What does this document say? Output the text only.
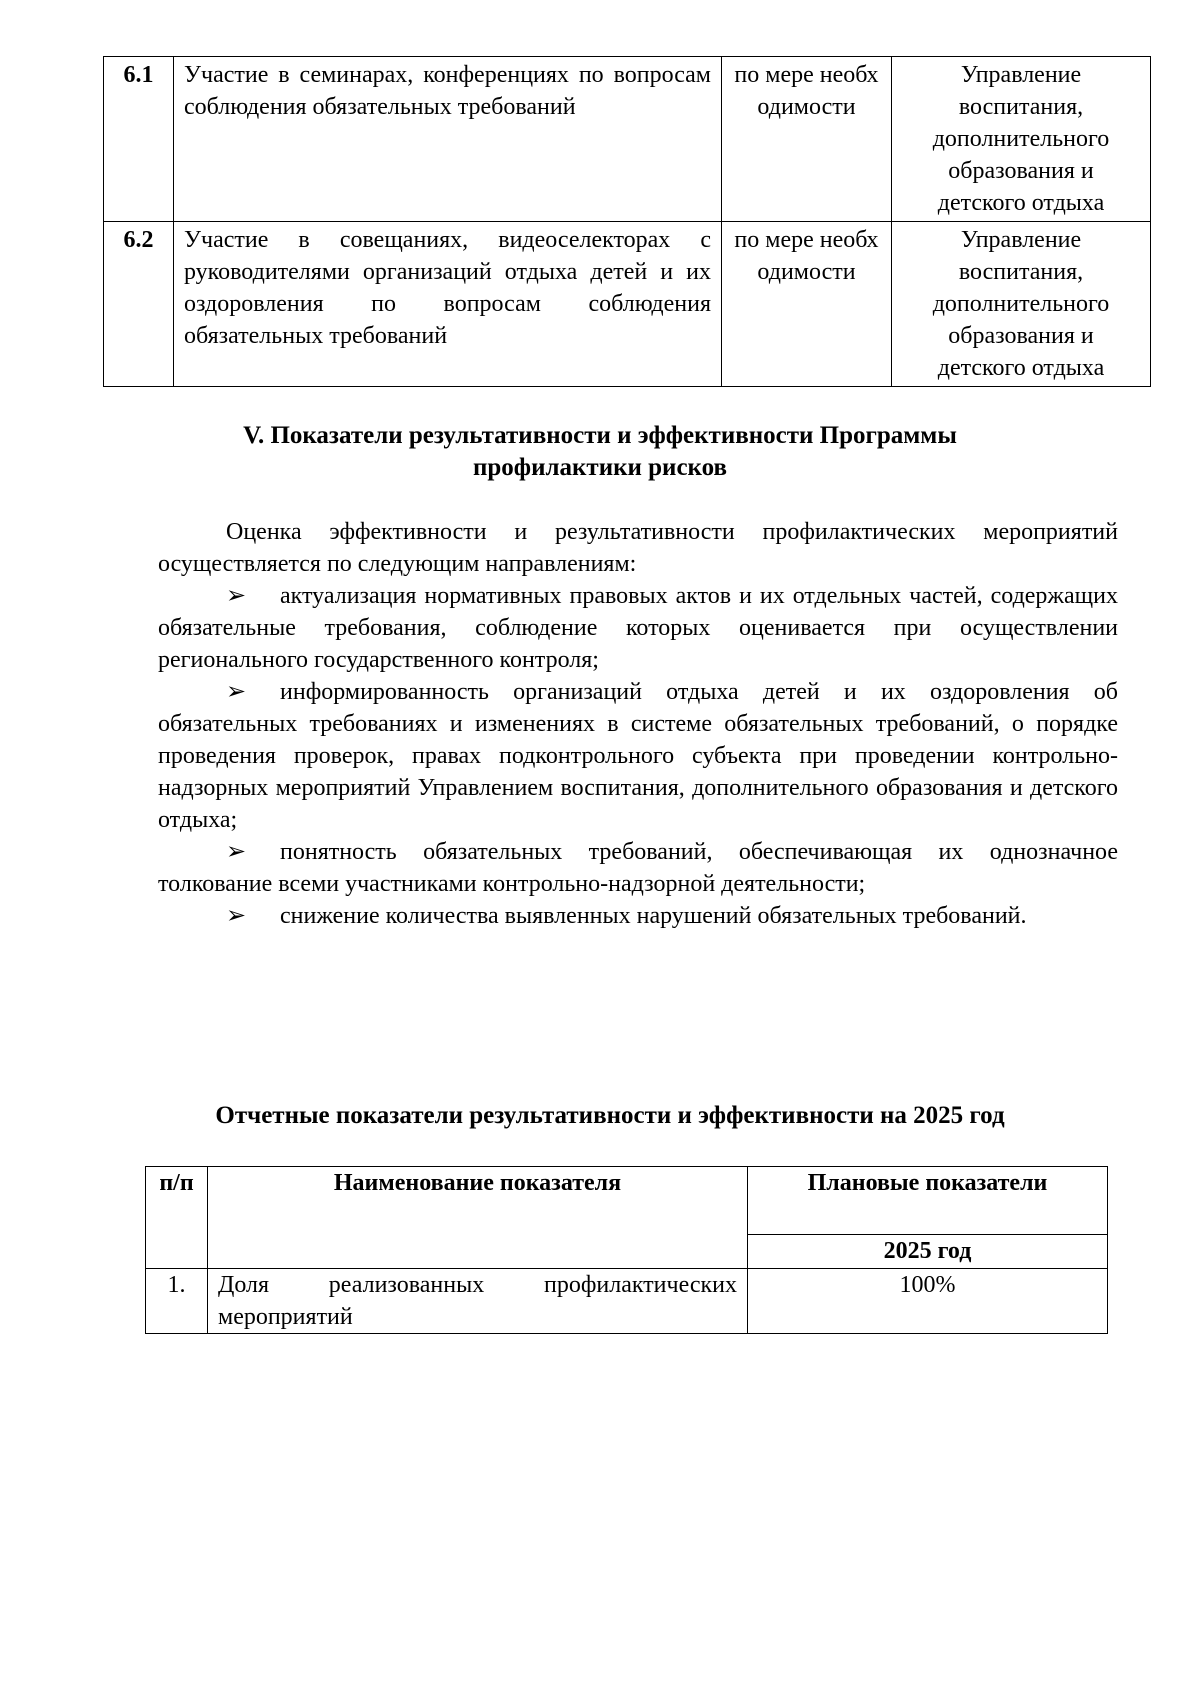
6.1	Участие в семинарах, конференциях по вопросам соблюдения обязательных требований	по мере необходимости	Управление воспитания, дополнительного образования и детского отдыха
6.2	Участие в совещаниях, видеоселекторах с руководителями организаций отдыха детей и их оздоровления по вопросам соблюдения обязательных требований	по мере необходимости	Управление воспитания, дополнительного образования и детского отдыха
V. Показатели результативности и эффективности Программы
профилактики рисков

Оценка эффективности и результативности профилактических мероприятий осуществляется по следующим направлениям:

➢ актуализация нормативных правовых актов и их отдельных частей, содержащих обязательные требования, соблюдение которых оценивается при осуществлении регионального государственного контроля;

➢ информированность организаций отдыха детей и их оздоровления об обязательных требованиях и изменениях в системе обязательных требований, о порядке проведения проверок, правах подконтрольного субъекта при проведении контрольно-надзорных мероприятий Управлением воспитания, дополнительного образования и детского отдыха;

➢ понятность обязательных требований, обеспечивающая их однозначное толкование всеми участниками контрольно-надзорной деятельности;

➢ снижение количества выявленных нарушений обязательных требований.

Отчетные показатели результативности и эффективности на 2025 год
п/п	Наименование показателя	Плановые показатели
		2025 год
1.	Доля реализованных профилактических мероприятий	100%
